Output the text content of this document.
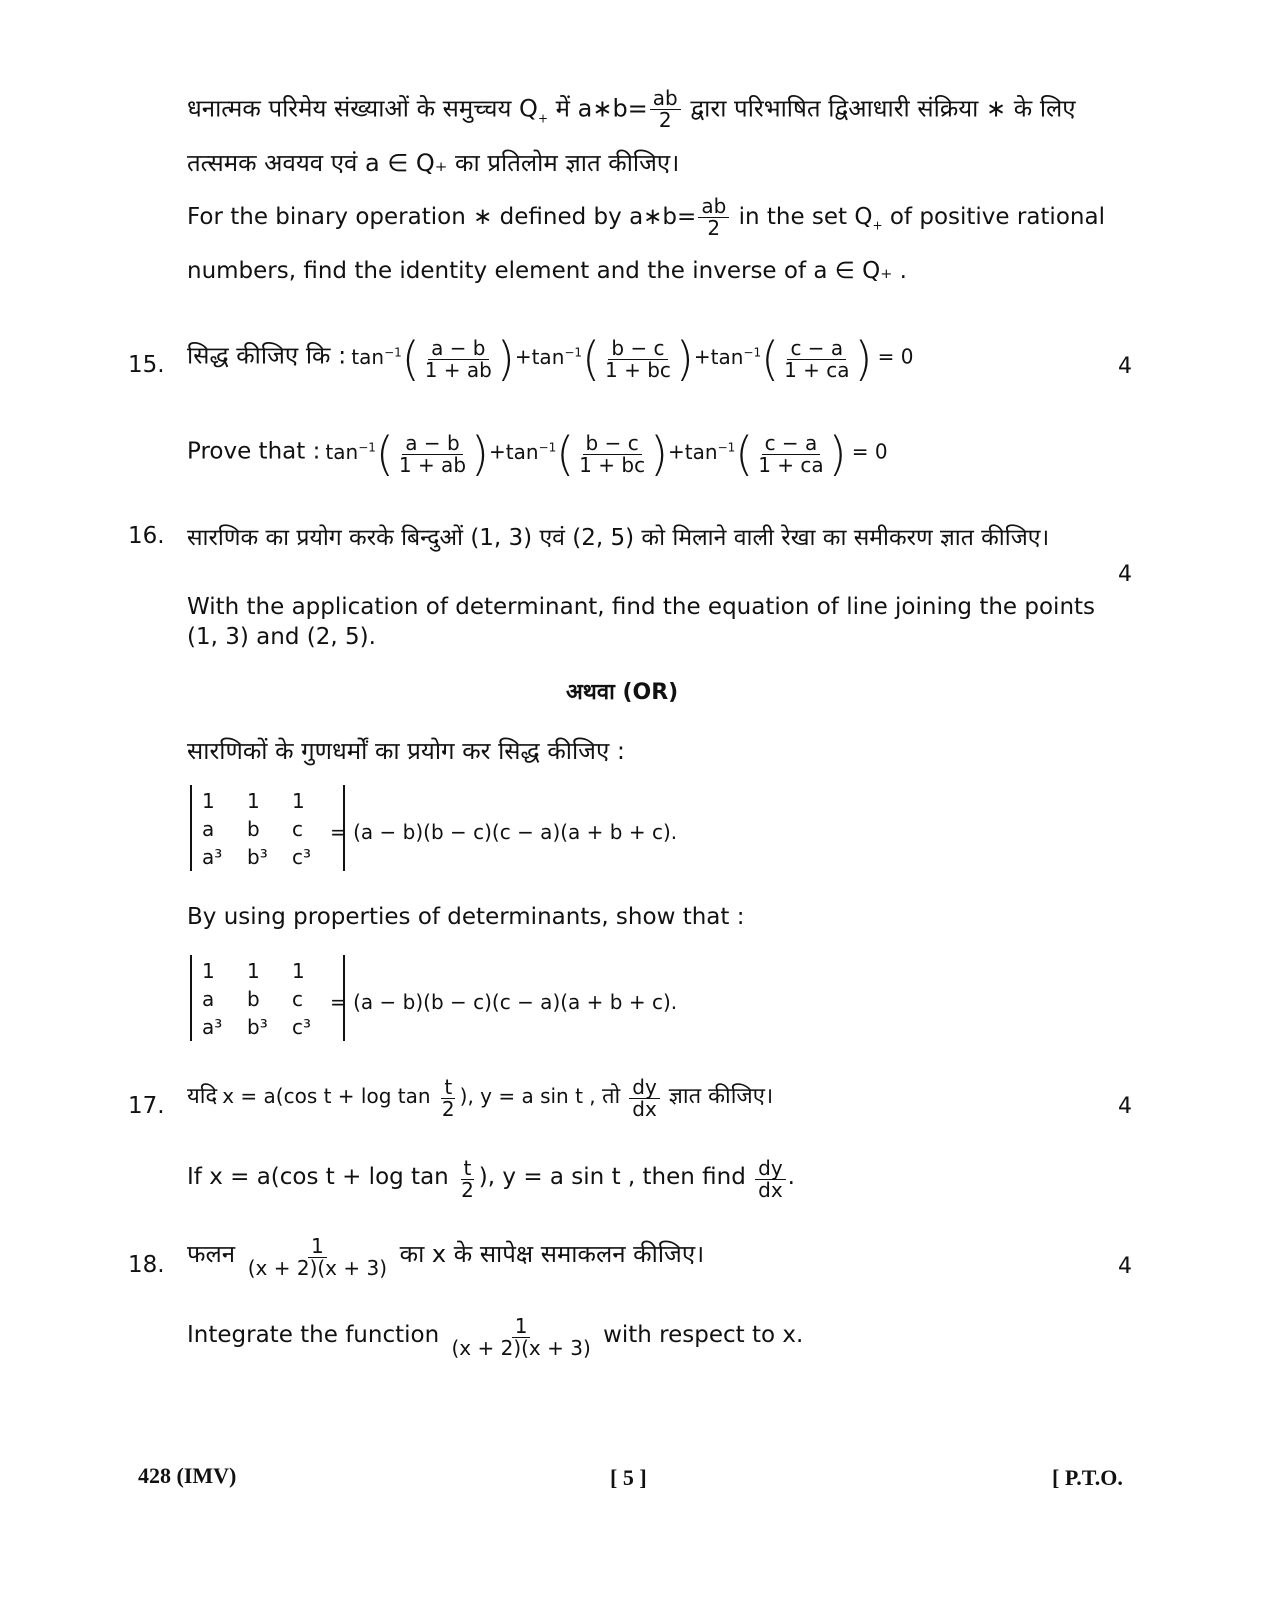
धनात्मक परिमेय संख्याओं के समुच्चय $Q_+$ में a∗b= $\frac{ab}{2}$ द्वारा परिभाषित द्विआधारी संक्रिया ∗ के लिए
तत्समक अवयव एवं a ∈ Q₊ का प्रतिलोम ज्ञात कीजिए।
For the binary operation ∗ defined by a∗b= $\frac{ab}{2}$ in the set $Q_+$ of positive rational
numbers, find the identity element and the inverse of a ∈ Q₊ .
15. सिद्ध कीजिए कि : $\tan^{-1}( \frac{a - b}{1 + ab} )+\tan^{-1}( \frac{b - c}{1 + bc} )+\tan^{-1}( \frac{c - a}{1 + ca}$ ) = 0	4
Prove that : $\tan^{-1}( \frac{a - b}{1 + ab} )+\tan^{-1}( \frac{b - c}{1 + bc} )+\tan^{-1}( \frac{c - a}{1 + ca}$ ) = 0
16. सारणिक का प्रयोग करके बिन्दुओं (1, 3) एवं (2, 5) को मिलाने वाली रेखा का समीकरण ज्ञात कीजिए।
4
With the application of determinant, find the equation of line joining the points
(1, 3) and (2, 5).
अथवा (OR)
सारणिकों के गुणधर्मों का प्रयोग कर सिद्ध कीजिए :
1	1	1
a	b	c
a³	b³	c³
= (a − b)(b − c)(c − a)(a + b + c).
By using properties of determinants, show that :
1	1	1
a	b	c
a³	b³	c³
= (a − b)(b − c)(c − a)(a + b + c).
17. यदि x = a(cos $t + \log \tan \frac{t}{2}$ ), y = a sin t , तो $\frac{dy}{dx}$ ज्ञात कीजिए।	4
If x = a(cos $t + \log \tan \frac{t}{2}$ ), y = a sin t , then find $\frac{dy}{dx}$ .
18. फलन $\frac{1}{(x + 2)(x + 3)}$ का x के सापेक्ष समाकलन कीजिए।	4
Integrate the function $\frac{1}{(x + 2)(x + 3)}$ with respect to x.
428 (IMV)	[ 5 ]	[ P.T.O.
